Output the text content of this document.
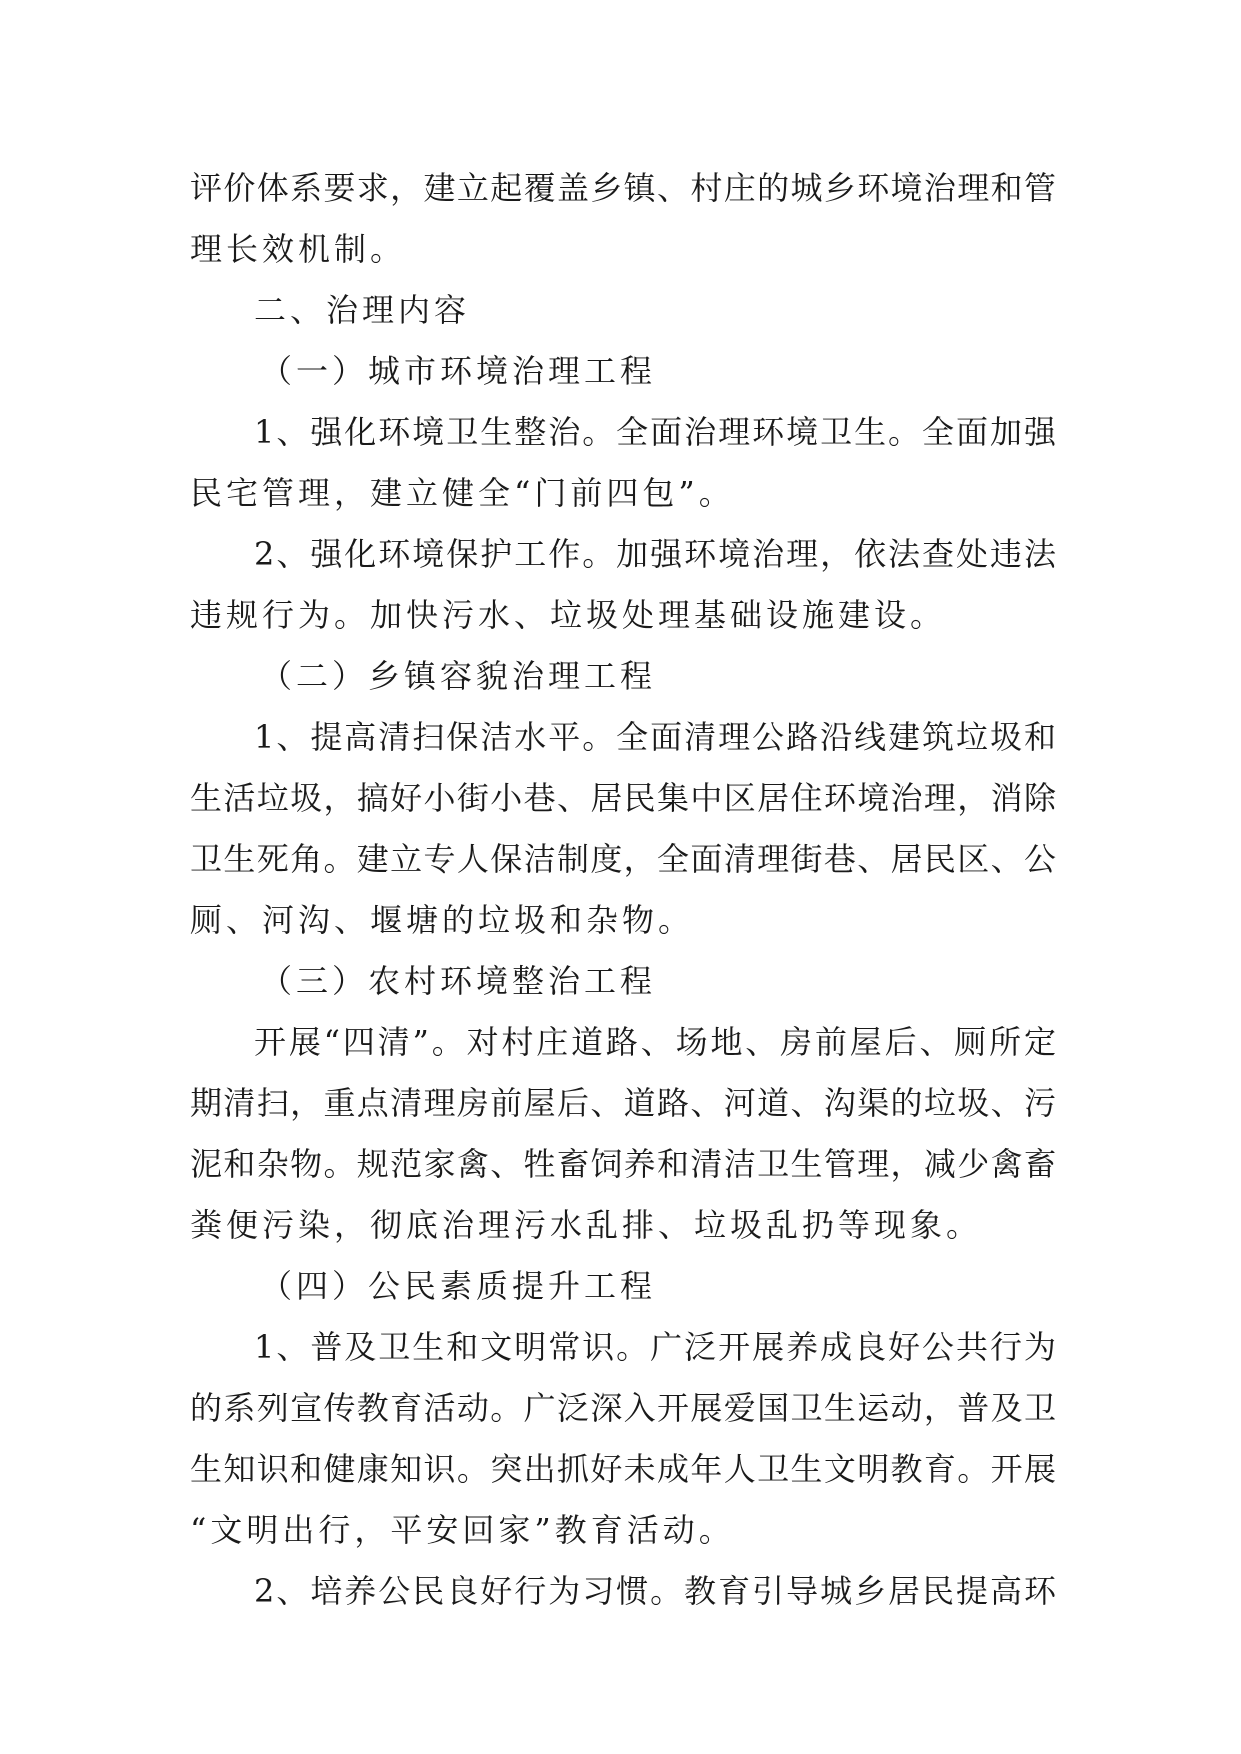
评价体系要求，建立起覆盖乡镇、村庄的城乡环境治理和管
理长效机制。
二、治理内容
（一）城市环境治理工程
1、强化环境卫生整治。全面治理环境卫生。全面加强
民宅管理，建立健全“门前四包”。
2、强化环境保护工作。加强环境治理，依法查处违法
违规行为。加快污水、垃圾处理基础设施建设。
（二）乡镇容貌治理工程
1、提高清扫保洁水平。全面清理公路沿线建筑垃圾和
生活垃圾，搞好小街小巷、居民集中区居住环境治理，消除
卫生死角。建立专人保洁制度，全面清理街巷、居民区、公
厕、河沟、堰塘的垃圾和杂物。
（三）农村环境整治工程
开展“四清”。对村庄道路、场地、房前屋后、厕所定
期清扫，重点清理房前屋后、道路、河道、沟渠的垃圾、污
泥和杂物。规范家禽、牲畜饲养和清洁卫生管理，减少禽畜
粪便污染，彻底治理污水乱排、垃圾乱扔等现象。
（四）公民素质提升工程
1、普及卫生和文明常识。广泛开展养成良好公共行为
的系列宣传教育活动。广泛深入开展爱国卫生运动，普及卫
生知识和健康知识。突出抓好未成年人卫生文明教育。开展
“文明出行，平安回家”教育活动。
2、培养公民良好行为习惯。教育引导城乡居民提高环
